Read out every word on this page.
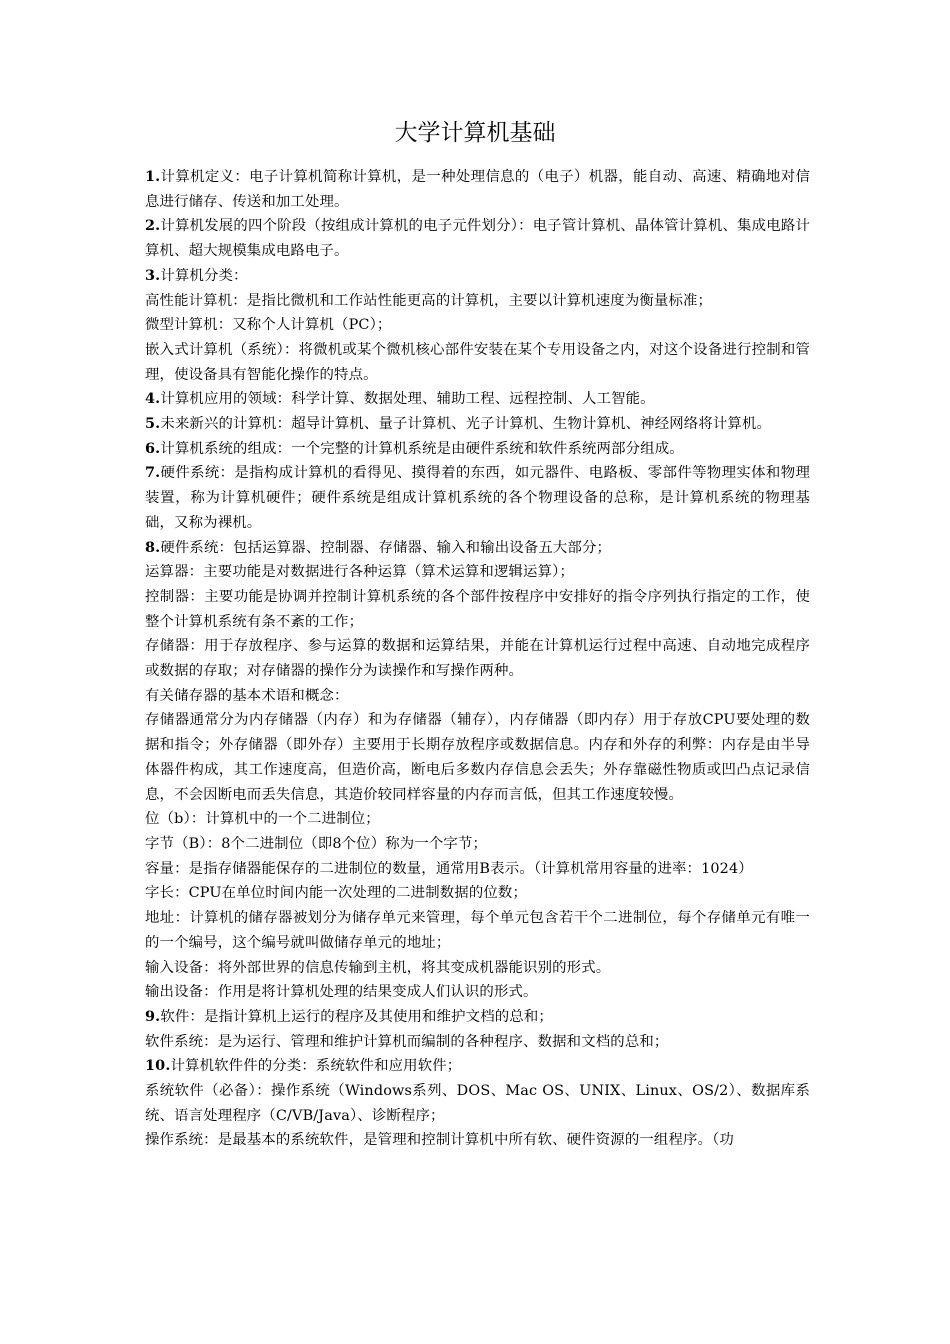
大学计算机基础

1.计算机定义：电子计算机简称计算机，是一种处理信息的（电子）机器，能自动、高速、精确地对信息进行储存、传送和加工处理。

2.计算机发展的四个阶段（按组成计算机的电子元件划分）：电子管计算机、晶体管计算机、集成电路计算机、超大规模集成电路电子。

3.计算机分类：

高性能计算机：是指比微机和工作站性能更高的计算机，主要以计算机速度为衡量标准；

微型计算机：又称个人计算机（PC）；

嵌入式计算机（系统）：将微机或某个微机核心部件安装在某个专用设备之内，对这个设备进行控制和管理，使设备具有智能化操作的特点。

4.计算机应用的领域：科学计算、数据处理、辅助工程、远程控制、人工智能。

5.未来新兴的计算机：超导计算机、量子计算机、光子计算机、生物计算机、神经网络将计算机。

6.计算机系统的组成：一个完整的计算机系统是由硬件系统和软件系统两部分组成。

7.硬件系统：是指构成计算机的看得见、摸得着的东西，如元器件、电路板、零部件等物理实体和物理装置，称为计算机硬件；硬件系统是组成计算机系统的各个物理设备的总称，是计算机系统的物理基础，又称为裸机。

8.硬件系统：包括运算器、控制器、存储器、输入和输出设备五大部分；

运算器：主要功能是对数据进行各种运算（算术运算和逻辑运算）；

控制器：主要功能是协调并控制计算机系统的各个部件按程序中安排好的指令序列执行指定的工作，使整个计算机系统有条不紊的工作；

存储器：用于存放程序、参与运算的数据和运算结果，并能在计算机运行过程中高速、自动地完成程序或数据的存取；对存储器的操作分为读操作和写操作两种。

有关储存器的基本术语和概念：

存储器通常分为内存储器（内存）和为存储器（辅存），内存储器（即内存）用于存放CPU要处理的数据和指令；外存储器（即外存）主要用于长期存放程序或数据信息。内存和外存的利弊：内存是由半导体器件构成，其工作速度高，但造价高，断电后多数内存信息会丢失；外存靠磁性物质或凹凸点记录信息，不会因断电而丢失信息，其造价较同样容量的内存而言低，但其工作速度较慢。

位（b）：计算机中的一个二进制位；

字节（B）：8个二进制位（即8个位）称为一个字节；

容量：是指存储器能保存的二进制位的数量，通常用B表示。（计算机常用容量的进率：1024）

字长：CPU在单位时间内能一次处理的二进制数据的位数；

地址：计算机的储存器被划分为储存单元来管理，每个单元包含若干个二进制位，每个存储单元有唯一的一个编号，这个编号就叫做储存单元的地址；

输入设备：将外部世界的信息传输到主机，将其变成机器能识别的形式。

输出设备：作用是将计算机处理的结果变成人们认识的形式。

9.软件：是指计算机上运行的程序及其使用和维护文档的总和；

软件系统：是为运行、管理和维护计算机而编制的各种程序、数据和文档的总和；

10.计算机软件件的分类：系统软件和应用软件；

系统软件（必备）：操作系统（Windows系列、DOS、Mac OS、UNIX、Linux、OS/2）、数据库系统、语言处理程序（C/VB/Java）、诊断程序；

操作系统：是最基本的系统软件，是管理和控制计算机中所有软、硬件资源的一组程序。（功
